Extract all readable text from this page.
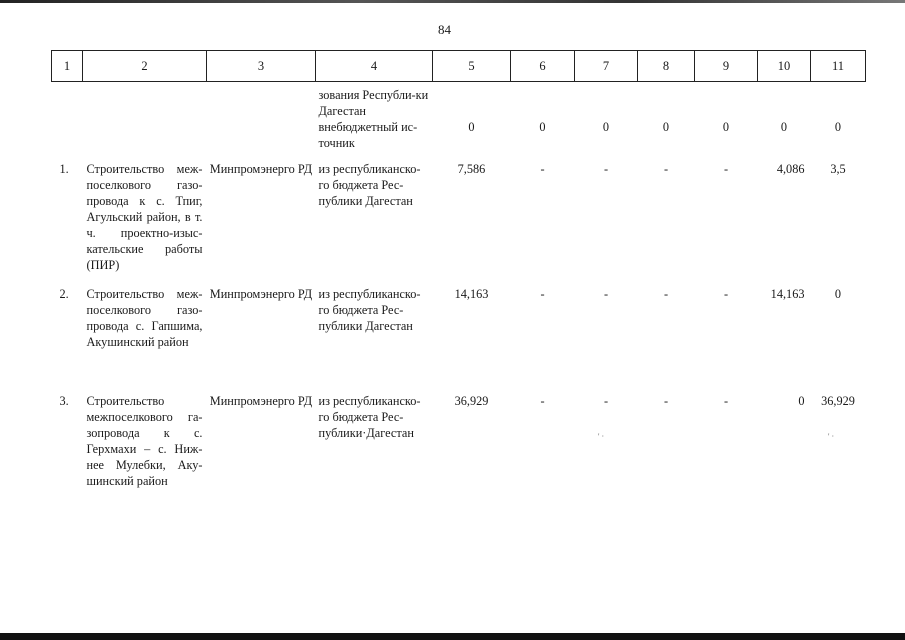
84
1	2	3	4	5	6	7	8	9	10	11
			зования Республи-ки Дагестан							
			внебюджетный ис-точник	0	0	0	0	0	0	0
1.	Строительство меж-поселкового газо-провода к с. Тпиг, Агульский район, в т. ч. проектно-изыс-кательские работы (ПИР)	Минпромэнерго РД	из республиканско-го бюджета Рес-публики Дагестан	7,586	-	-	-	-	4,086	3,5
2.	Строительство меж-поселкового газо-провода с. Гапшима, Акушинский район	Минпромэнерго РД	из республиканско-го бюджета Рес-публики Дагестан	14,163	-	-	-	-	14,163	0
3.	Строительство межпоселкового га-зопровода к с. Герхмахи – с. Ниж-нее Мулебки, Аку-шинский район	Минпромэнерго РД	из республиканско-го бюджета Рес-публики·Дагестан	36,929	-	-	-	-	0	36,929
' ·	' ·
